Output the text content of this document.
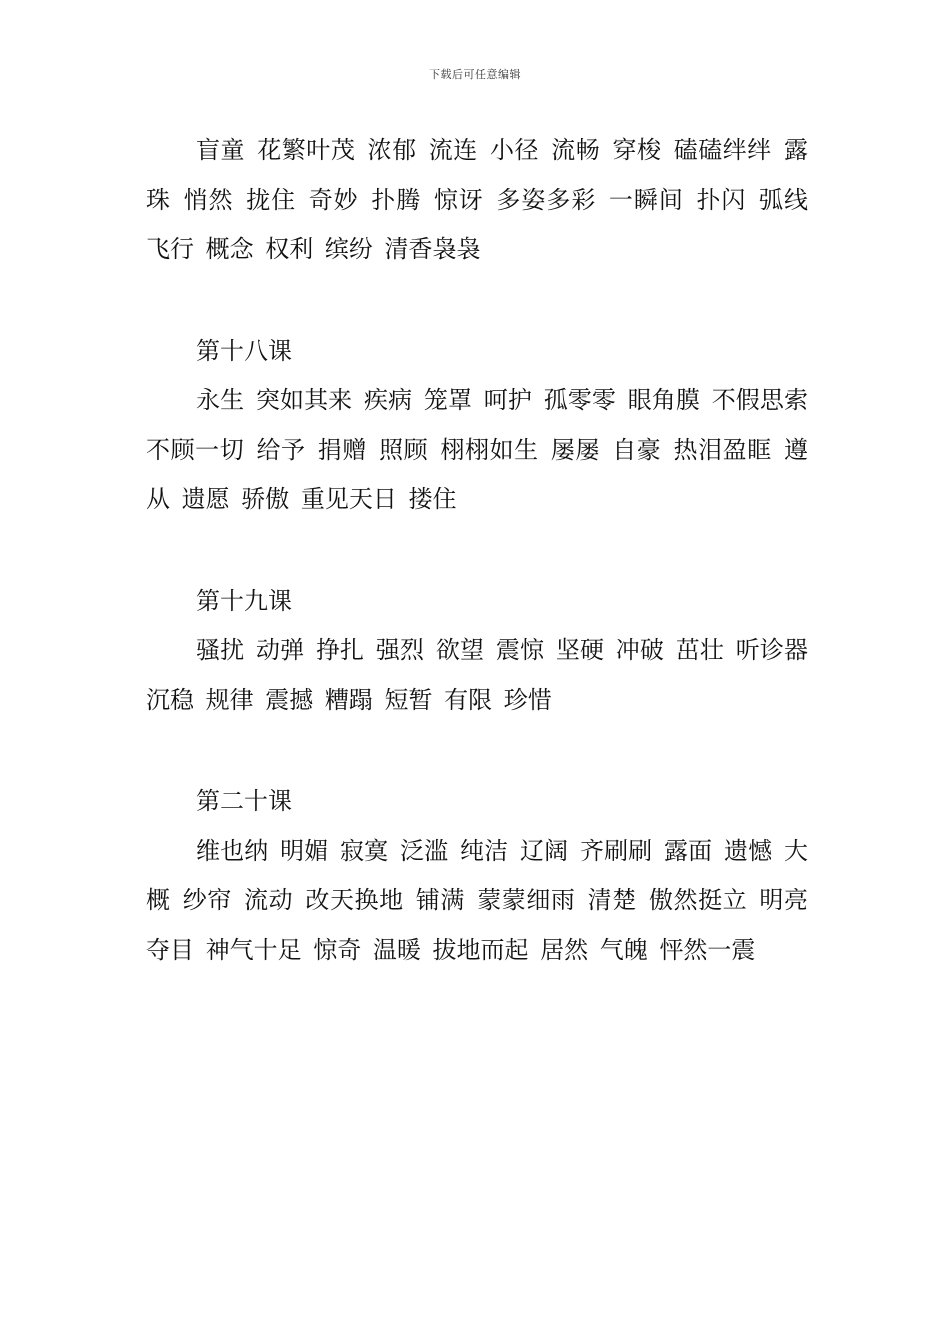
下载后可任意编辑

盲童 花繁叶茂 浓郁 流连 小径 流畅 穿梭 磕磕绊绊 露珠 悄然 拢住 奇妙 扑腾 惊讶 多姿多彩 一瞬间 扑闪 弧线 飞行 概念 权利 缤纷 清香袅袅

第十八课

永生 突如其来 疾病 笼罩 呵护 孤零零 眼角膜 不假思索 不顾一切 给予 捐赠 照顾 栩栩如生 屡屡 自豪 热泪盈眶 遵从 遗愿 骄傲 重见天日 搂住

第十九课

骚扰 动弹 挣扎 强烈 欲望 震惊 坚硬 冲破 茁壮 听诊器 沉稳 规律 震撼 糟蹋 短暂 有限 珍惜

第二十课

维也纳 明媚 寂寞 泛滥 纯洁 辽阔 齐刷刷 露面 遗憾 大概 纱帘 流动 改天换地 铺满 蒙蒙细雨 清楚 傲然挺立 明亮夺目 神气十足 惊奇 温暖 拔地而起 居然 气魄 怦然一震
